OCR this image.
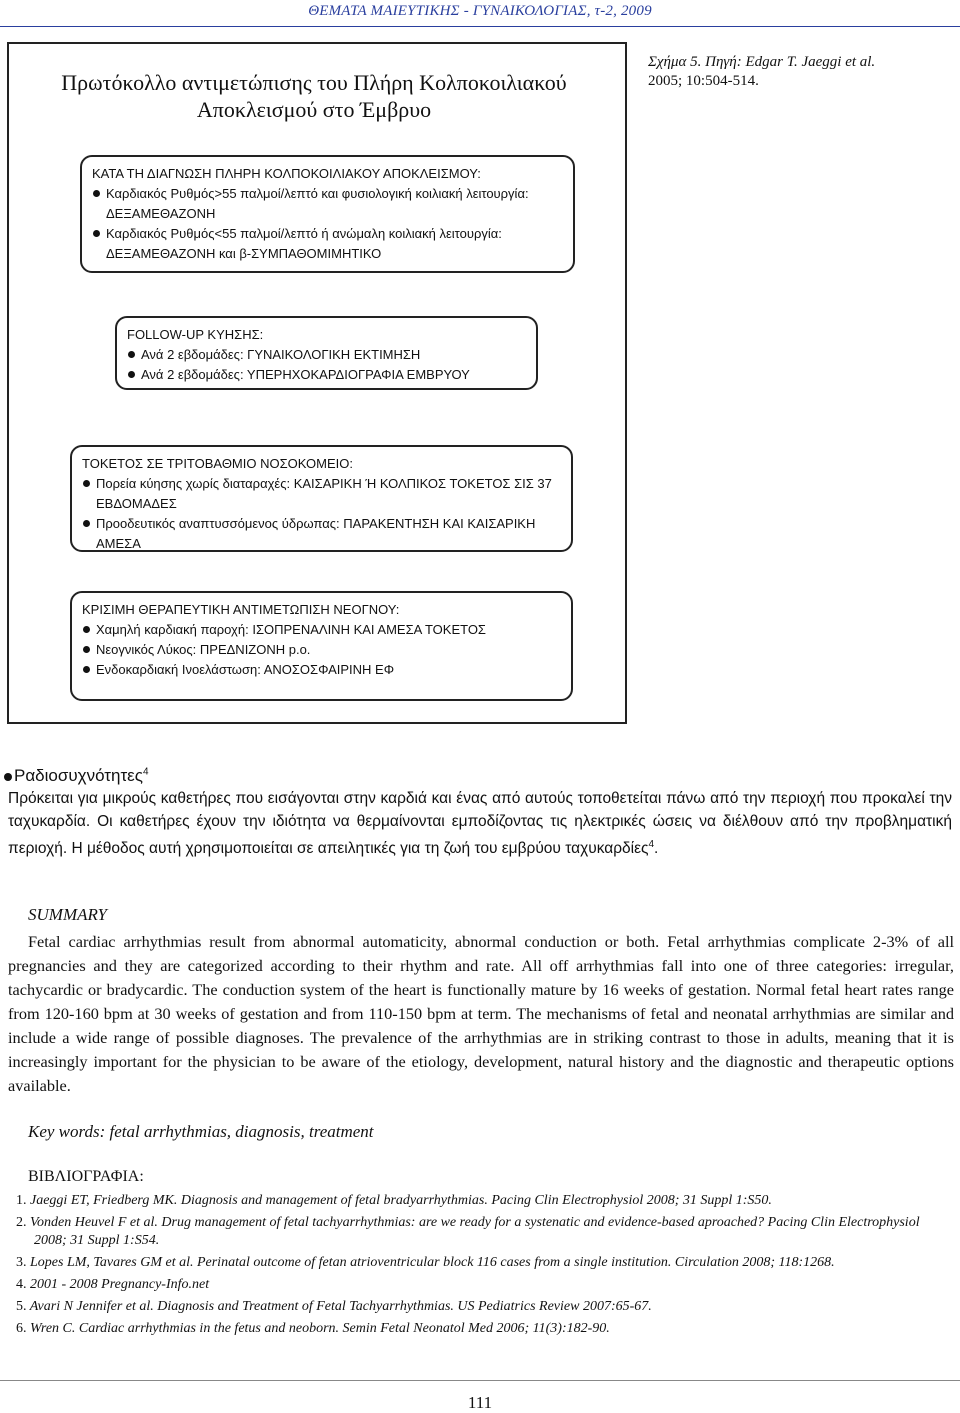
ΘΕΜΑΤΑ ΜΑΙΕΥΤΙΚΗΣ - ΓΥΝΑΙΚΟΛΟΓΙΑΣ, τ-2, 2009
Πρωτόκολλο αντιμετώπισης του Πλήρη Κολποκοιλιακού
Αποκλεισμού στο Έμβρυο
Σχήμα 5. Πηγή: Edgar T. Jaeggi et al.
2005; 10:504-514.
ΚΑΤΑ ΤΗ ΔΙΑΓΝΩΣΗ ΠΛΗΡΗ ΚΟΛΠΟΚΟΙΛΙΑΚΟΥ ΑΠΟΚΛΕΙΣΜΟΥ:
Καρδιακός Ρυθμός>55 παλμοί/λεπτό και φυσιολογική κοιλιακή λειτουργία: ΔΕΞΑΜΕΘΑΖΟΝΗ
Καρδιακός Ρυθμός<55 παλμοί/λεπτό ή ανώμαλη κοιλιακή λειτουργία: ΔΕΞΑΜΕΘΑΖΟΝΗ και β-ΣΥΜΠΑΘΟΜΙΜΗΤΙΚΟ
FOLLOW-UP ΚΥΗΣΗΣ:
Ανά 2 εβδομάδες: ΓΥΝΑΙΚΟΛΟΓΙΚΗ ΕΚΤΙΜΗΣΗ
Ανά 2 εβδομάδες: ΥΠΕΡΗΧΟΚΑΡΔΙΟΓΡΑΦΙΑ ΕΜΒΡΥΟΥ
ΤΟΚΕΤΟΣ ΣΕ ΤΡΙΤΟΒΑΘΜΙΟ ΝΟΣΟΚΟΜΕΙΟ:
Πορεία κύησης χωρίς διαταραχές: ΚΑΙΣΑΡΙΚΗ Ή ΚΟΛΠΙΚΟΣ ΤΟΚΕΤΟΣ ΣΙΣ 37 ΕΒΔΟΜΑΔΕΣ
Προοδευτικός αναπτυσσόμενος ύδρωπας: ΠΑΡΑΚΕΝΤΗΣΗ ΚΑΙ ΚΑΙΣΑΡΙΚΗ ΑΜΕΣΑ
ΚΡΙΣΙΜΗ ΘΕΡΑΠΕΥΤΙΚΗ ΑΝΤΙΜΕΤΩΠΙΣΗ ΝΕΟΓΝΟΥ:
Χαμηλή καρδιακή παροχή: ΙΣΟΠΡΕΝΑΛΙΝΗ ΚΑΙ ΑΜΕΣΑ ΤΟΚΕΤΟΣ
Νεογνικός Λύκος: ΠΡΕΔΝΙΖΟΝΗ p.o.
Ενδοκαρδιακή Ινοελάστωση: ΑΝΟΣΟΣΦΑΙΡΙΝΗ ΕΦ
Ραδιοσυχνότητες$^4$
Πρόκειται για μικρούς καθετήρες που εισάγονται στην καρδιά και ένας από αυτούς τοποθετείται πάνω από την περιοχή που προκαλεί την ταχυκαρδία. Οι καθετήρες έχουν την ιδιότητα να θερμαίνονται εμποδίζοντας τις ηλεκτρικές ώσεις να διέλθουν από την προβληματική περιοχή. Η μέθοδος αυτή χρησιμοποιείται σε απειλητικές για τη ζωή του εμβρύου ταχυκαρδίες$^4$.
SUMMARY
Fetal cardiac arrhythmias result from abnormal automaticity, abnormal conduction or both. Fetal arrhythmias complicate 2-3% of all pregnancies and they are categorized according to their rhythm and rate. All off arrhythmias fall into one of three categories: irregular, tachycardic or bradycardic. The conduction system of the heart is functionally mature by 16 weeks of gestation. Normal fetal heart rates range from 120-160 bpm at 30 weeks of gestation and from 110-150 bpm at term. The mechanisms of fetal and neonatal arrhythmias are similar and include a wide range of possible diagnoses. The prevalence of the arrhythmias are in striking contrast to those in adults, meaning that it is increasingly important for the physician to be aware of the etiology, development, natural history and the diagnostic and therapeutic options available.
Key words: fetal arrhythmias, diagnosis, treatment
ΒΙΒΛΙΟΓΡΑΦΙΑ:
1. Jaeggi ET, Friedberg MK. Diagnosis and management of fetal bradyarrhythmias. Pacing Clin Electrophysiol 2008; 31 Suppl 1:S50.
2. Vonden Heuvel F et al. Drug management of fetal tachyarrhythmias: are we ready for a systenatic and evidence-based aproached? Pacing Clin Electrophysiol 2008; 31 Suppl 1:S54.
3. Lopes LM, Tavares GM et al. Perinatal outcome of fetan atrioventricular block 116 cases from a single institution. Circulation 2008; 118:1268.
4. 2001 - 2008 Pregnancy-Info.net
5. Avari N Jennifer et al. Diagnosis and Treatment of Fetal Tachyarrhythmias. US Pediatrics Review 2007:65-67.
6. Wren C. Cardiac arrhythmias in the fetus and neoborn. Semin Fetal Neonatol Med 2006; 11(3):182-90.
111
